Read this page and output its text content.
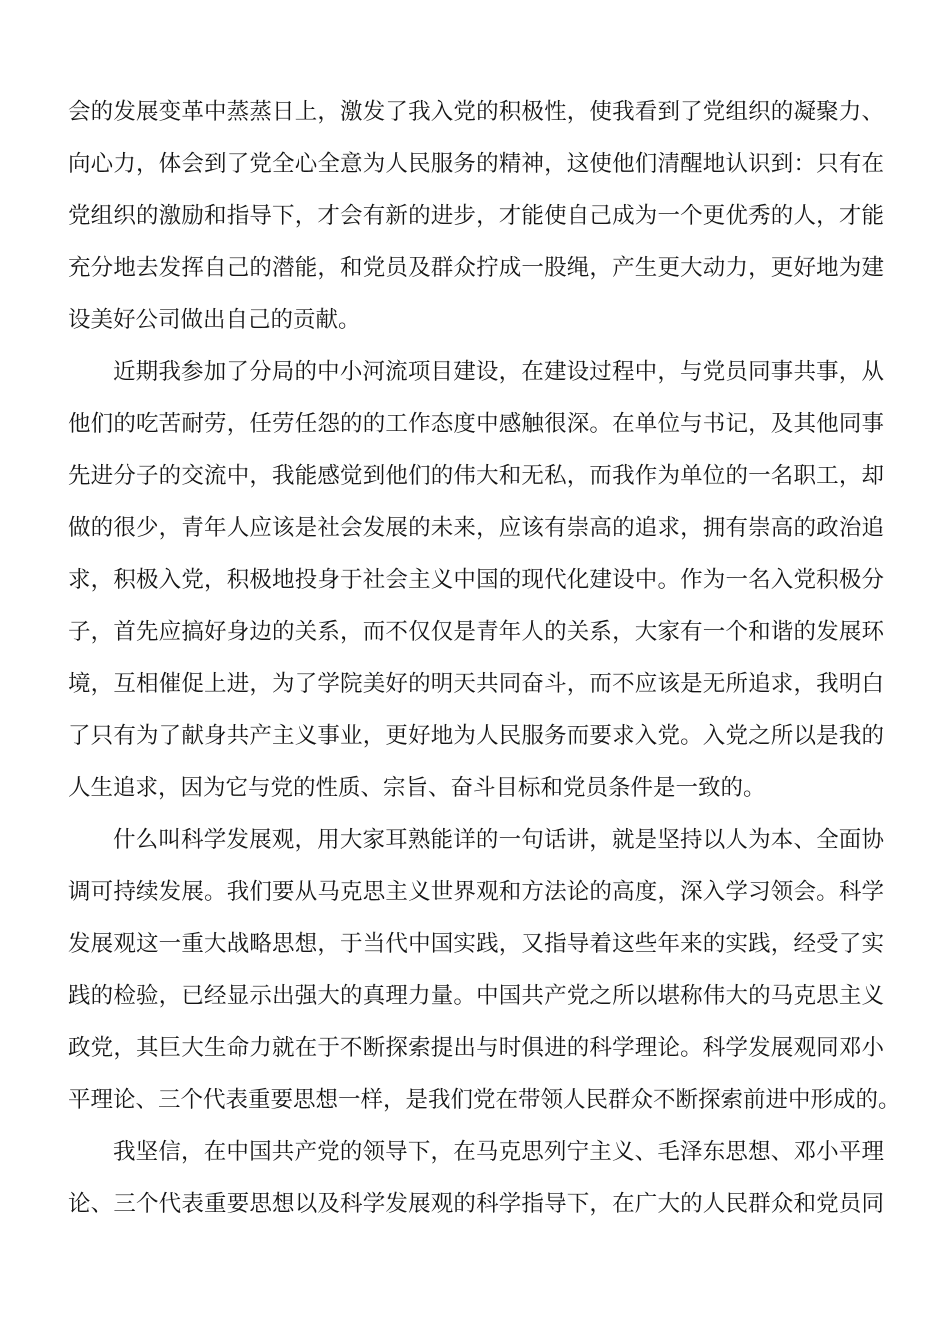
会的发展变革中蒸蒸日上，激发了我入党的积极性，使我看到了党组织的凝聚力、
向心力，体会到了党全心全意为人民服务的精神，这使他们清醒地认识到：只有在
党组织的激励和指导下，才会有新的进步，才能使自己成为一个更优秀的人，才能
充分地去发挥自己的潜能，和党员及群众拧成一股绳，产生更大动力，更好地为建
设美好公司做出自己的贡献。
近期我参加了分局的中小河流项目建设，在建设过程中，与党员同事共事，从
他们的吃苦耐劳，任劳任怨的的工作态度中感触很深。在单位与书记，及其他同事
先进分子的交流中，我能感觉到他们的伟大和无私，而我作为单位的一名职工，却
做的很少，青年人应该是社会发展的未来，应该有崇高的追求，拥有崇高的政治追
求，积极入党，积极地投身于社会主义中国的现代化建设中。作为一名入党积极分
子，首先应搞好身边的关系，而不仅仅是青年人的关系，大家有一个和谐的发展环
境，互相催促上进，为了学院美好的明天共同奋斗，而不应该是无所追求，我明白
了只有为了献身共产主义事业，更好地为人民服务而要求入党。入党之所以是我的
人生追求，因为它与党的性质、宗旨、奋斗目标和党员条件是一致的。
什么叫科学发展观，用大家耳熟能详的一句话讲，就是坚持以人为本、全面协
调可持续发展。我们要从马克思主义世界观和方法论的高度，深入学习领会。科学
发展观这一重大战略思想，于当代中国实践，又指导着这些年来的实践，经受了实
践的检验，已经显示出强大的真理力量。中国共产党之所以堪称伟大的马克思主义
政党，其巨大生命力就在于不断探索提出与时俱进的科学理论。科学发展观同邓小
平理论、三个代表重要思想一样，是我们党在带领人民群众不断探索前进中形成的。
我坚信，在中国共产党的领导下，在马克思列宁主义、毛泽东思想、邓小平理
论、三个代表重要思想以及科学发展观的科学指导下，在广大的人民群众和党员同
